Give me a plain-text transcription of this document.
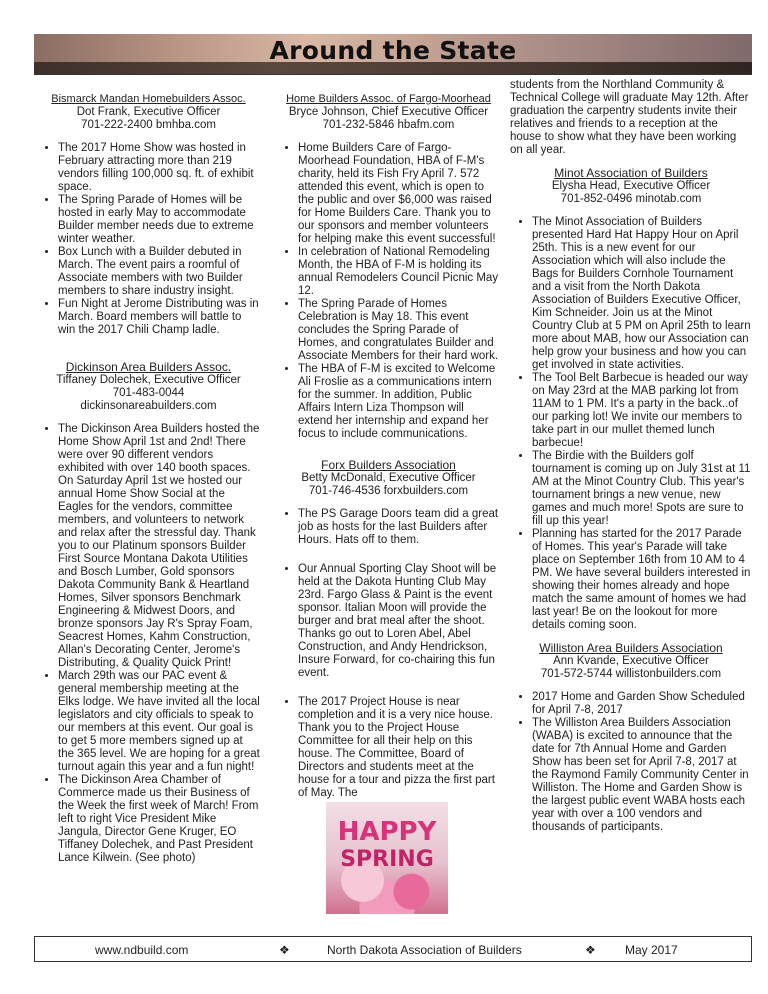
Around the State
Bismarck Mandan Homebuilders Assoc.
Dot Frank, Executive Officer
701-222-2400 bmhba.com
• The 2017 Home Show was hosted in February attracting more than 219 vendors filling 100,000 sq. ft. of exhibit space.
• The Spring Parade of Homes will be hosted in early May to accommodate Builder member needs due to extreme winter weather.
• Box Lunch with a Builder debuted in March. The event pairs a roomful of Associate members with two Builder members to share industry insight.
• Fun Night at Jerome Distributing was in March. Board members will battle to win the 2017 Chili Champ ladle.
Dickinson Area Builders Assoc.
Tiffaney Dolechek, Executive Officer
701-483-0044
dickinsonareabuilders.com
• The Dickinson Area Builders hosted the Home Show April 1st and 2nd! There were over 90 different vendors exhibited with over 140 booth spaces. On Saturday April 1st we hosted our annual Home Show Social at the Eagles for the vendors, committee members, and volunteers to network and relax after the stressful day. Thank you to our Platinum sponsors Builder First Source Montana Dakota Utilities and Bosch Lumber, Gold sponsors Dakota Community Bank & Heartland Homes, Silver sponsors Benchmark Engineering & Midwest Doors, and bronze sponsors Jay R's Spray Foam, Seacrest Homes, Kahm Construction, Allan's Decorating Center, Jerome's Distributing, & Quality Quick Print!
• March 29th was our PAC event & general membership meeting at the Elks lodge. We have invited all the local legislators and city officials to speak to our members at this event. Our goal is to get 5 more members signed up at the 365 level. We are hoping for a great turnout again this year and a fun night!
• The Dickinson Area Chamber of Commerce made us their Business of the Week the first week of March! From left to right Vice President Mike Jangula, Director Gene Kruger, EO Tiffaney Dolechek, and Past President Lance Kilwein. (See photo)
Home Builders Assoc. of Fargo-Moorhead
Bryce Johnson, Chief Executive Officer
701-232-5846 hbafm.com
• Home Builders Care of Fargo-Moorhead Foundation, HBA of F-M's charity, held its Fish Fry April 7. 572 attended this event, which is open to the public and over $6,000 was raised for Home Builders Care. Thank you to our sponsors and member volunteers for helping make this event successful!
• In celebration of National Remodeling Month, the HBA of F-M is holding its annual Remodelers Council Picnic May 12.
• The Spring Parade of Homes Celebration is May 18. This event concludes the Spring Parade of Homes, and congratulates Builder and Associate Members for their hard work.
• The HBA of F-M is excited to Welcome Ali Froslie as a communications intern for the summer. In addition, Public Affairs Intern Liza Thompson will extend her internship and expand her focus to include communications.
Forx Builders Association
Betty McDonald, Executive Officer
701-746-4536 forxbuilders.com
• The PS Garage Doors team did a great job as hosts for the last Builders after Hours. Hats off to them.
• Our Annual Sporting Clay Shoot will be held at the Dakota Hunting Club May 23rd. Fargo Glass & Paint is the event sponsor. Italian Moon will provide the burger and brat meal after the shoot. Thanks go out to Loren Abel, Abel Construction, and Andy Hendrickson, Insure Forward, for co-chairing this fun event.
• The 2017 Project House is near completion and it is a very nice house. Thank you to the Project House Committee for all their help on this house. The Committee, Board of Directors and students meet at the house for a tour and pizza the first part of May. The
HAPPY
SPRING

students from the Northland Community & Technical College will graduate May 12th. After graduation the carpentry students invite their relatives and friends to a reception at the house to show what they have been working on all year.

Minot Association of Builders
Elysha Head, Executive Officer
701-852-0496 minotab.com
• The Minot Association of Builders presented Hard Hat Happy Hour on April 25th. This is a new event for our Association which will also include the Bags for Builders Cornhole Tournament and a visit from the North Dakota Association of Builders Executive Officer, Kim Schneider. Join us at the Minot Country Club at 5 PM on April 25th to learn more about MAB, how our Association can help grow your business and how you can get involved in state activities.
• The Tool Belt Barbecue is headed our way on May 23rd at the MAB parking lot from 11AM to 1 PM. It's a party in the back..of our parking lot! We invite our members to take part in our mullet themed lunch barbecue!
• The Birdie with the Builders golf tournament is coming up on July 31st at 11 AM at the Minot Country Club. This year's tournament brings a new venue, new games and much more! Spots are sure to fill up this year!
• Planning has started for the 2017 Parade of Homes. This year's Parade will take place on September 16th from 10 AM to 4 PM. We have several builders interested in showing their homes already and hope match the same amount of homes we had last year! Be on the lookout for more details coming soon.
Williston Area Builders Association
Ann Kvande, Executive Officer
701-572-5744 willistonbuilders.com
• 2017 Home and Garden Show Scheduled for April 7-8, 2017
• The Williston Area Builders Association (WABA) is excited to announce that the date for 7th Annual Home and Garden Show has been set for April 7-8, 2017 at the Raymond Family Community Center in Williston. The Home and Garden Show is the largest public event WABA hosts each year with over a 100 vendors and thousands of participants.
www.ndbuild.com	❖	North Dakota Association of Builders	❖ May 2017
